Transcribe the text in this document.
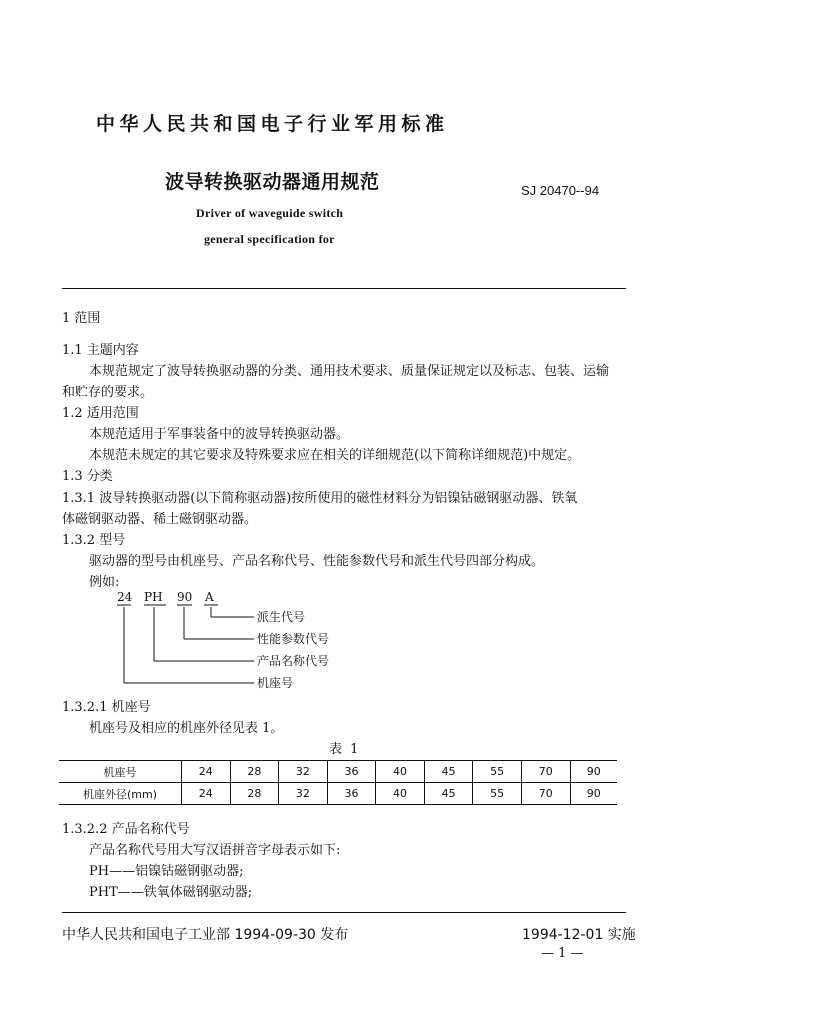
中华人民共和国电子行业军用标准
波导转换驱动器通用规范	SJ 20470--94
Driver of waveguide switch
general specification for
1 范围
1.1 主题内容
本规范规定了波导转换驱动器的分类、通用技术要求、质量保证规定以及标志、包装、运输
和贮存的要求。
1.2 适用范围
本规范适用于军事装备中的波导转换驱动器。
本规范未规定的其它要求及特殊要求应在相关的详细规范(以下简称详细规范)中规定。
1.3 分类
1.3.1 波导转换驱动器(以下简称驱动器)按所使用的磁性材料分为铝镍钴磁钢驱动器、铁氧
体磁钢驱动器、稀土磁钢驱动器。
1.3.2 型号
驱动器的型号由机座号、产品名称代号、性能参数代号和派生代号四部分构成。
例如:
24 PH 90 A
派生代号
性能参数代号
产品名称代号
机座号
1.3.2.1 机座号
机座号及相应的机座外径见表 1。
表 1
机座号	24	28	32	36	40	45	55	70	90
机座外径(mm)	24	28	32	36	40	45	55	70	90
1.3.2.2 产品名称代号
产品名称代号用大写汉语拼音字母表示如下:
PH——铝镍钴磁钢驱动器;
PHT——铁氧体磁钢驱动器;
中华人民共和国电子工业部 1994-09-30 发布	1994-12-01 实施
— 1 —
